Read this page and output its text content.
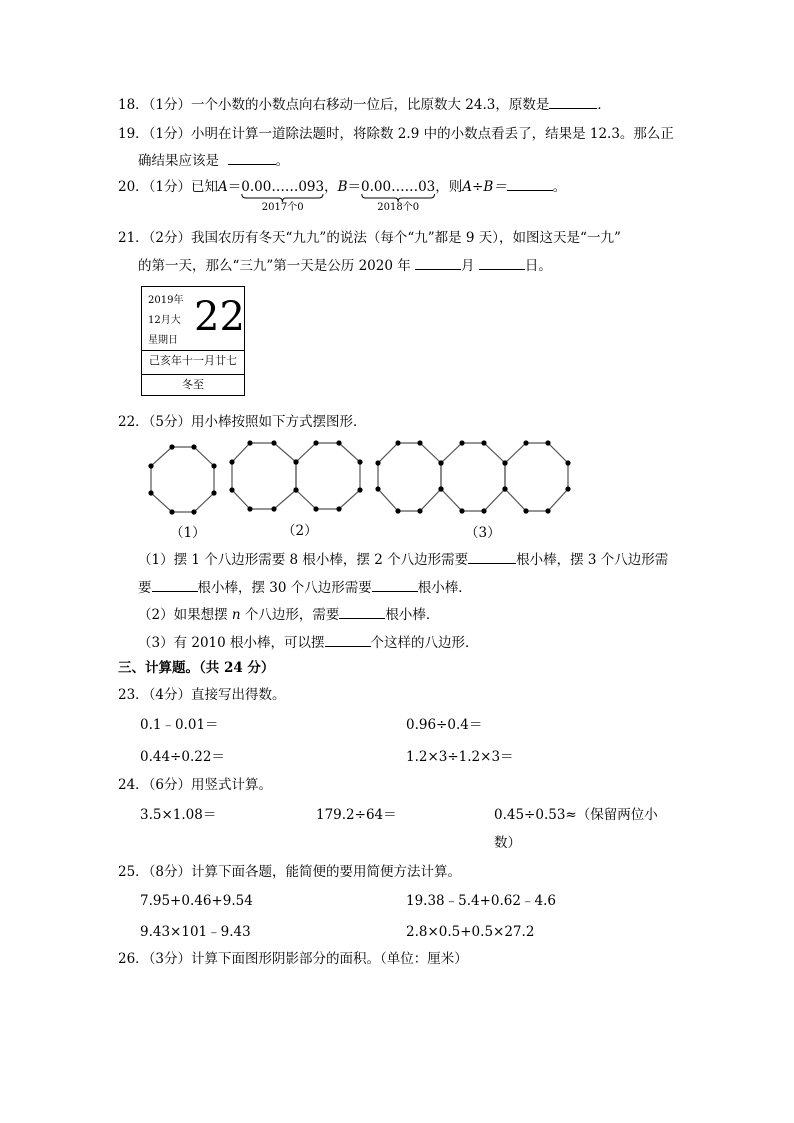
18．（1分）一个小数的小数点向右移动一位后，比原数大 24.3，原数是	．
19．（1分）小明在计算一道除法题时，将除数 2.9 中的小数点看丢了，结果是 12.3。那么正
确结果应该是	。
20．（1分）已知A＝0.00……093
2017个0
，B＝0.00……03
2018个0
，则A÷B＝	。
21．（2分）我国农历有冬天“九九”的说法（每个“九”都是 9 天），如图这天是“一九”
的第一天，那么“三九”第一天是公历 2020 年	月	日。
2019年
12月大
星期日
22
己亥年十一月廿七
冬至
22．（5分）用小棒按照如下方式摆图形．
（1）	（2）	（3）
（1）摆 1 个八边形需要 8 根小棒，摆 2 个八边形需要	根小棒，摆 3 个八边形需
要	根小棒，摆 30 个八边形需要	根小棒．
（2）如果想摆 n 个八边形，需要	根小棒．
（3）有 2010 根小棒，可以摆	个这样的八边形．
三、计算题。（共 24 分）
23．（4分）直接写出得数。
0.1﹣0.01＝	0.96÷0.4＝
0.44÷0.22＝	1.2×3÷1.2×3＝
24．（6分）用竖式计算。
3.5×1.08＝	179.2÷64＝	0.45÷0.53≈（保留两位小
数）
25．（8分）计算下面各题，能简便的要用简便方法计算。
7.95+0.46+9.54	19.38﹣5.4+0.62﹣4.6
9.43×101﹣9.43	2.8×0.5+0.5×27.2
26．（3分）计算下面图形阴影部分的面积。（单位：厘米）
